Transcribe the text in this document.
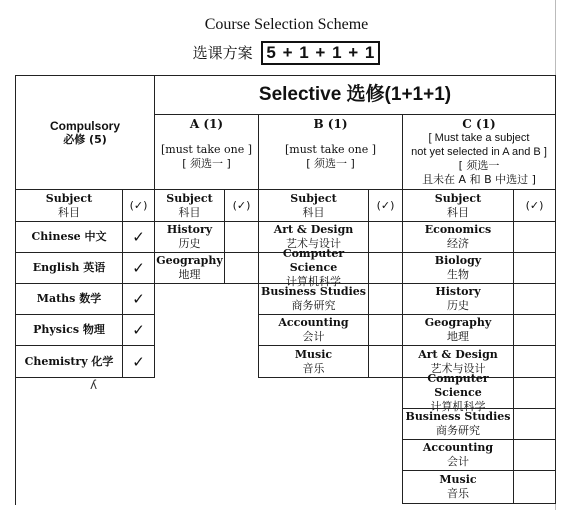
Course Selection Scheme
选课方案 5 + 1 + 1 + 1
Compulsory
必修 (5)
Selective 选修(1+1+1)
A (1)
[must take one ]
[ 须选一 ]
B (1)
[must take one ]
[ 须选一 ]
C (1)
[ Must take a subject
not yet selected in A and B ]
[ 须选一
且未在 A 和 B 中选过 ]
Subject
科目
(✓)
Subject
科目
(✓)
Subject
科目
(✓)
Subject
科目
(✓)
Chinese 中文 ✓
English 英语 ✓
Maths 数学 ✓
Physics 物理 ✓
Chemistry 化学 ✓
ʎ
History
历史
Geography
地理
Art & Design
艺术与设计
Computer Science
计算机科学
Business Studies
商务研究
Accounting
会计
Music
音乐
Economics
经济
Biology
生物
History
历史
Geography
地理
Art & Design
艺术与设计
Computer Science
计算机科学
Business Studies
商务研究
Accounting
会计
Music
音乐
